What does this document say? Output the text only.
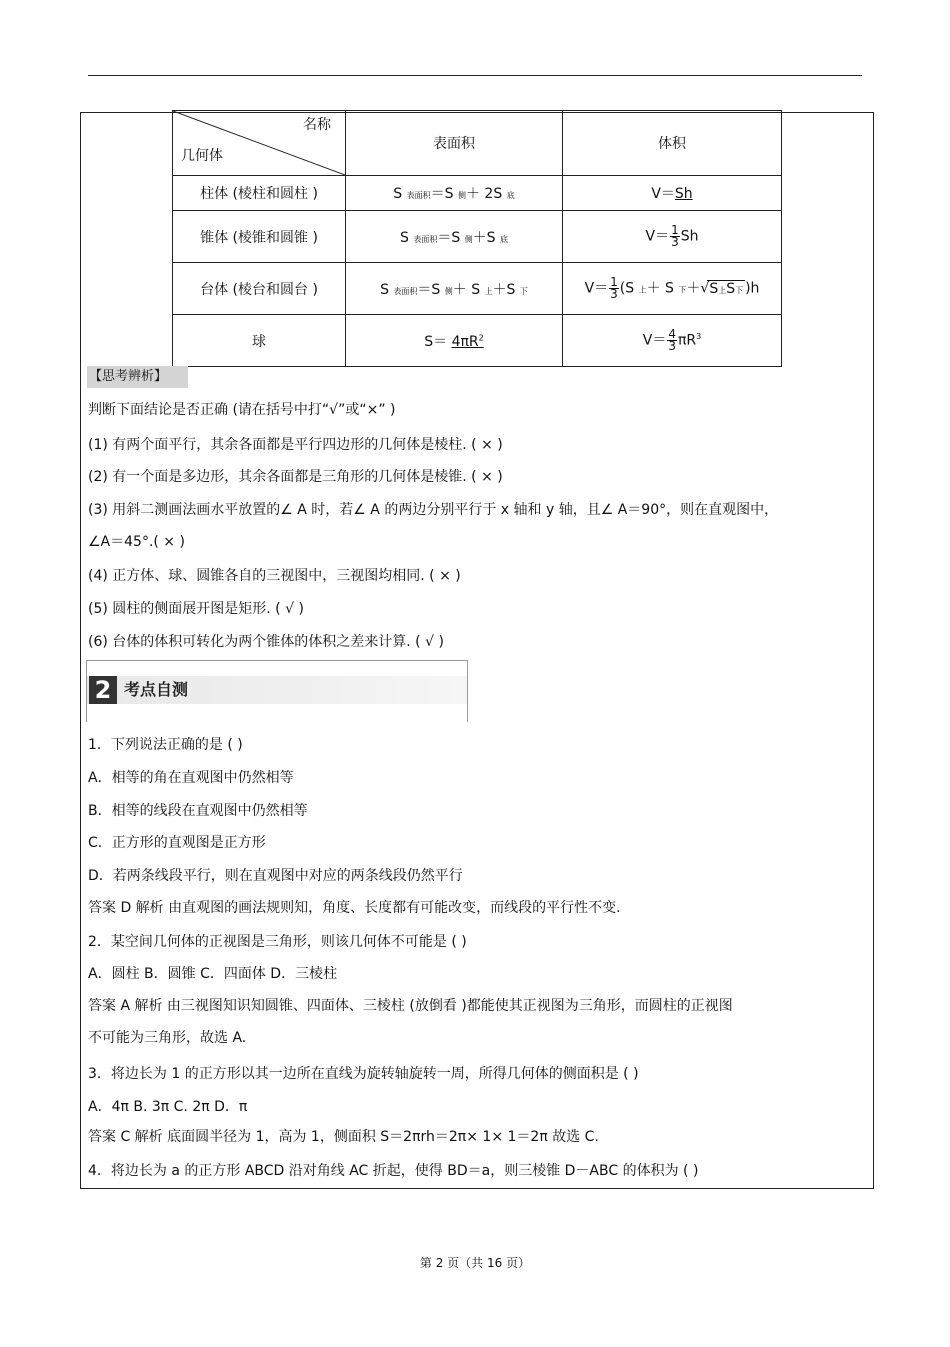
名称
几何体	表面积	体积
柱体 (棱柱和圆柱 )	S 表面积＝S 侧＋ 2S 底	V＝Sh
锥体 (棱锥和圆锥 )	S 表面积＝S 侧＋S 底	$V= \frac{1}{3}$ Sh
台体 (棱台和圆台 )	S 表面积＝S 侧＋ S 上＋S 下	$V= \frac{1}{3} (S$ 上＋ S 下＋√S上S下 )h
球	$S= 4\pi R^2$	$V= \frac{4}{3} \pi R^3$
【思考辨析】
判断下面结论是否正确 (请在括号中打“√”或“×” )
(1) 有两个面平行，其余各面都是平行四边形的几何体是棱柱. ( × )
(2) 有一个面是多边形，其余各面都是三角形的几何体是棱锥. ( × )
(3) 用斜二测画法画水平放置的∠ A 时，若∠ A 的两边分别平行于 x 轴和 y 轴，且∠ A＝90°，则在直观图中，
∠A＝45°.( × )
(4) 正方体、球、圆锥各自的三视图中，三视图均相同. ( × )
(5) 圆柱的侧面展开图是矩形. ( √ )
(6) 台体的体积可转化为两个锥体的体积之差来计算. ( √ )
2 考点自测
1．下列说法正确的是 ( )
A．相等的角在直观图中仍然相等
B．相等的线段在直观图中仍然相等
C．正方形的直观图是正方形
D．若两条线段平行，则在直观图中对应的两条线段仍然平行
答案 D 解析 由直观图的画法规则知，角度、长度都有可能改变，而线段的平行性不变.
2．某空间几何体的正视图是三角形，则该几何体不可能是 ( )
A．圆柱 B．圆锥 C．四面体 D．三棱柱
答案 A 解析 由三视图知识知圆锥、四面体、三棱柱 (放倒看 )都能使其正视图为三角形，而圆柱的正视图
不可能为三角形，故选 A.
3．将边长为 1 的正方形以其一边所在直线为旋转轴旋转一周，所得几何体的侧面积是 ( )
A．4π B. 3π C. 2π D．π
答案 C 解析 底面圆半径为 1，高为 1，侧面积 S＝2πrh＝2π× 1× 1＝2π 故选 C.
4．将边长为 a 的正方形 ABCD 沿对角线 AC 折起，使得 BD＝a，则三棱锥 D－ABC 的体积为 ( )
第 2 页（共 16 页）
